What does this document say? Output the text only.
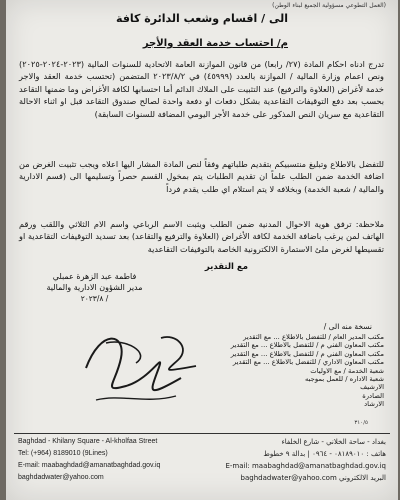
(العمل التطوعي مسؤولية الجميع لبناء الوطن)
الى / اقسام وشعب الدائرة كافة
م/ احتساب خدمة العقد والأجر
تدرج ادناه احكام المادة (٢٧/ رابعا) من قانون الموازنة العامة الاتحادية للسنوات المالية (٢٠٢٣-٢٠٢٤-٢٠٢٥) ونص اعمام وزارة المالية / الموازنة بالعدد (٤٥٩٩٩) في ٢٠٢٣/٨/٢ المتضمن (تحتسب خدمة العقد والاجر خدمة لأغراض (العلاوة والترفيع) عند التثبيت على الملاك الدائم أما احتسابها لكافة الأغراض وما ضمنها التقاعد بحسب بعد دفع التوقيفات التقاعدية بشكل دفعات او دفعة واحدة لصالح صندوق التقاعد قبل او اثناء الاحالة التقاعدية مع سريان النص المذكور على خدمة الأجر اليومي المضافة للسنوات السابقة)
للتفضل بالاطلاع وتبليغ منتسبيكم بتقديم طلباتهم وفقاً لنص المادة المشار اليها اعلاه ويجب تثبيت الغرض من اضافة الخدمة ضمن الطلب علماً ان تقديم الطلبات يتم بمخول القسم حصراً وتسليمها الى (قسم الادارية والمالية / شعبة الخدمة) وبخلافه لا يتم استلام اي طلب يقدم فرداً
ملاحظة: ترفق هوية الاحوال المدنية ضمن الطلب ويثبت الاسم الرباعي واسم الام الثلاثي واللقب ورقم الهاتف لمن يرغب باضافة الخدمة لكافة الأغراض (العلاوة والترفيع والتقاعد) بعد تسديد التوقيفات التقاعدية او تقسيطها لغرض ملئ الاستمارة الالكترونية الخاصة بالتوقيفات التقاعدية
مع التقدير
فاطمة عبد الزهرة عمبلي
مدير الشؤون الادارية والمالية
/ ٢٠٢٣/٨
نسخة منه الى /
مكتب المدير العام / للتفضل بالاطلاع ... مع التقدير
مكتب المعاون الفني م / للتفضل بالاطلاع ... مع التقدير
مكتب المعاون الفني م / للتفضل بالاطلاع ... مع التقدير
مكتب المعاون الاداري / للتفضل بالاطلاع ... مع التقدير
شعبة الخدمة / مع الاوليات
شعبة الاداره / للعمل بموجبه
الارشيف
الصادرة
الارشاد
٣١٠/٥
Baghdad - Khilany Square - Al-kholfaa Street
Tel: (+964) 8189010 (9Lines)
E-mail: maabaghdad@amanatbaghdad.gov.iq
baghdadwater@yahoo.com
بغداد - ساحة الخلاني - شارع الخلفاء
هاتف : ٠٨١٨٩٠١٠ - ٠٩٦٤ | بدالة ٩ خطوط
E-mail: maabaghdad@amanatbaghdad.gov.iq
البريد الالكتروني baghdadwater@yahoo.com
